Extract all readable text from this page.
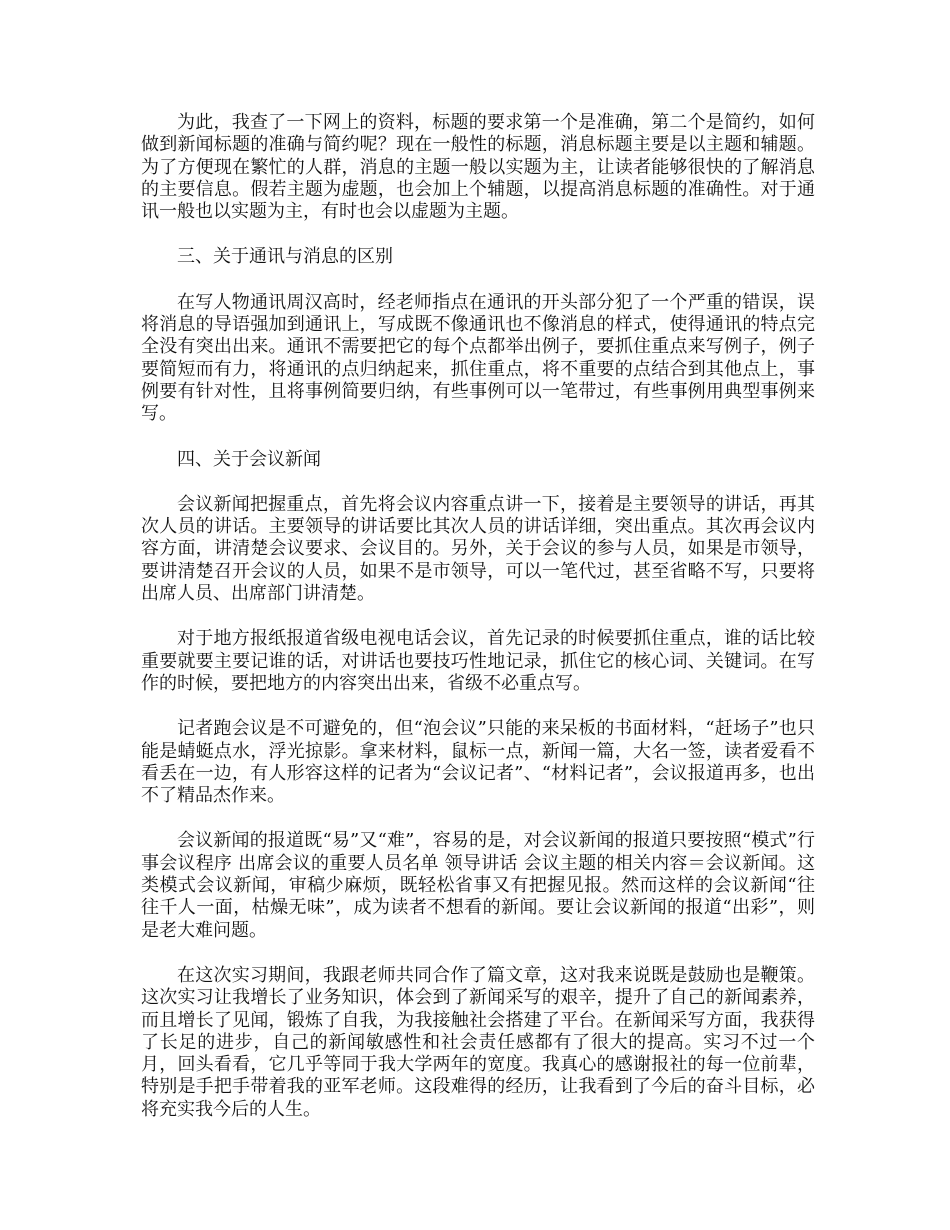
为此，我查了一下网上的资料，标题的要求第一个是准确，第二个是简约，如何做到新闻标题的准确与简约呢？现在一般性的标题，消息标题主要是以主题和辅题。为了方便现在繁忙的人群，消息的主题一般以实题为主，让读者能够很快的了解消息的主要信息。假若主题为虚题，也会加上个辅题，以提高消息标题的准确性。对于通讯一般也以实题为主，有时也会以虚题为主题。

三、关于通讯与消息的区别

在写人物通讯周汉高时，经老师指点在通讯的开头部分犯了一个严重的错误，误将消息的导语强加到通讯上，写成既不像通讯也不像消息的样式，使得通讯的特点完全没有突出出来。通讯不需要把它的每个点都举出例子，要抓住重点来写例子，例子要简短而有力，将通讯的点归纳起来，抓住重点，将不重要的点结合到其他点上，事例要有针对性，且将事例简要归纳，有些事例可以一笔带过，有些事例用典型事例来写。

四、关于会议新闻

会议新闻把握重点，首先将会议内容重点讲一下，接着是主要领导的讲话，再其次人员的讲话。主要领导的讲话要比其次人员的讲话详细，突出重点。其次再会议内容方面，讲清楚会议要求、会议目的。另外，关于会议的参与人员，如果是市领导，要讲清楚召开会议的人员，如果不是市领导，可以一笔代过，甚至省略不写，只要将出席人员、出席部门讲清楚。

对于地方报纸报道省级电视电话会议，首先记录的时候要抓住重点，谁的话比较重要就要主要记谁的话，对讲话也要技巧性地记录，抓住它的核心词、关键词。在写作的时候，要把地方的内容突出出来，省级不必重点写。

记者跑会议是不可避免的，但“泡会议”只能的来呆板的书面材料，“赶场子”也只能是蜻蜓点水，浮光掠影。拿来材料，鼠标一点，新闻一篇，大名一签，读者爱看不看丢在一边，有人形容这样的记者为“会议记者”、“材料记者”，会议报道再多，也出不了精品杰作来。

会议新闻的报道既“易”又“难”，容易的是，对会议新闻的报道只要按照“模式”行事会议程序 出席会议的重要人员名单 领导讲话 会议主题的相关内容＝会议新闻。这类模式会议新闻，审稿少麻烦，既轻松省事又有把握见报。然而这样的会议新闻“往往千人一面，枯燥无味”，成为读者不想看的新闻。要让会议新闻的报道“出彩”，则是老大难问题。

在这次实习期间，我跟老师共同合作了篇文章，这对我来说既是鼓励也是鞭策。这次实习让我增长了业务知识，体会到了新闻采写的艰辛，提升了自己的新闻素养，而且增长了见闻，锻炼了自我，为我接触社会搭建了平台。在新闻采写方面，我获得了长足的进步，自己的新闻敏感性和社会责任感都有了很大的提高。实习不过一个月，回头看看，它几乎等同于我大学两年的宽度。我真心的感谢报社的每一位前辈，特别是手把手带着我的亚军老师。这段难得的经历，让我看到了今后的奋斗目标，必将充实我今后的人生。
